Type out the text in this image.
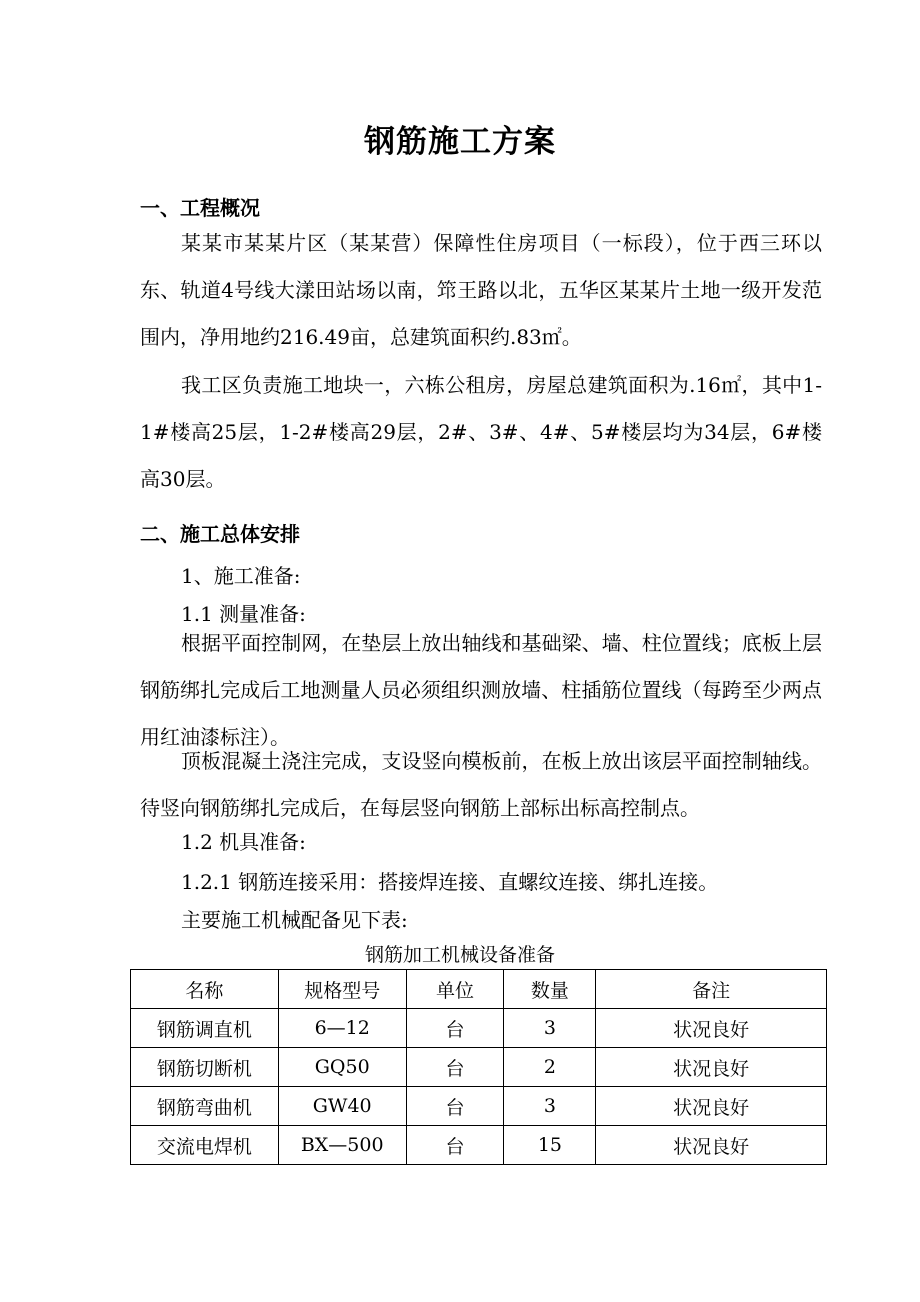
钢筋施工方案
一、工程概况
某某市某某片区（某某营）保障性住房项目（一标段），位于西三环以东、轨道4号线大漾田站场以南，筇王路以北，五华区某某片土地一级开发范围内，净用地约216.49亩，总建筑面积约.83㎡。
我工区负责施工地块一，六栋公租房，房屋总建筑面积为.16㎡，其中1-1#楼高25层，1-2#楼高29层，2#、3#、4#、5#楼层均为34层，6#楼高30层。
二、施工总体安排
1、施工准备:
1.1 测量准备:
根据平面控制网，在垫层上放出轴线和基础梁、墙、柱位置线；底板上层钢筋绑扎完成后工地测量人员必须组织测放墙、柱插筋位置线（每跨至少两点用红油漆标注）。
顶板混凝土浇注完成，支设竖向模板前，在板上放出该层平面控制轴线。待竖向钢筋绑扎完成后，在每层竖向钢筋上部标出标高控制点。
1.2 机具准备:
1.2.1 钢筋连接采用：搭接焊连接、直螺纹连接、绑扎连接。
主要施工机械配备见下表:
钢筋加工机械设备准备
名称	规格型号	单位	数量	备注
钢筋调直机	6—12	台	3	状况良好
钢筋切断机	GQ50	台	2	状况良好
钢筋弯曲机	GW40	台	3	状况良好
交流电焊机	BX—500	台	15	状况良好
